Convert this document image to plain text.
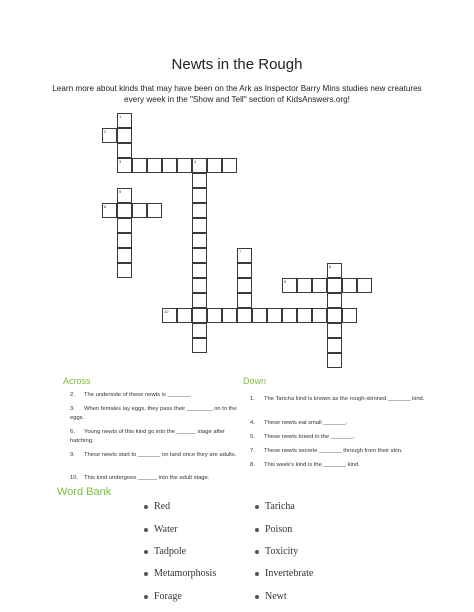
Newts in the Rough
Learn more about kinds that may have been on the Ark as Inspector Barry Mins studies new creatures
every week in the "Show and Tell" section of KidsAnswers.org!
1
3
2
4
5
6
7
8
9
10
Across
2. The underside of these newts is _______.
3. When females lay eggs, they pass their ________ on to the eggs.
6. Young newts of this kind go into the ______ stage after hatching.
9. These newts start to _______ on land once they are adults.
10. This kind undergoes ______ into the adult stage.
Down
1. The Taricha kind is known as the rough-skinned _______ kind.
4. These newts eat small _______.
5. These newts breed in the _______.
7. These newts secrete _______ through from their skin.
8. This week's kind is the _______ kind.
Word Bank
Red
Water
Tadpole
Metamorphosis
Forage
Taricha
Poison
Toxicity
Invertebrate
Newt
